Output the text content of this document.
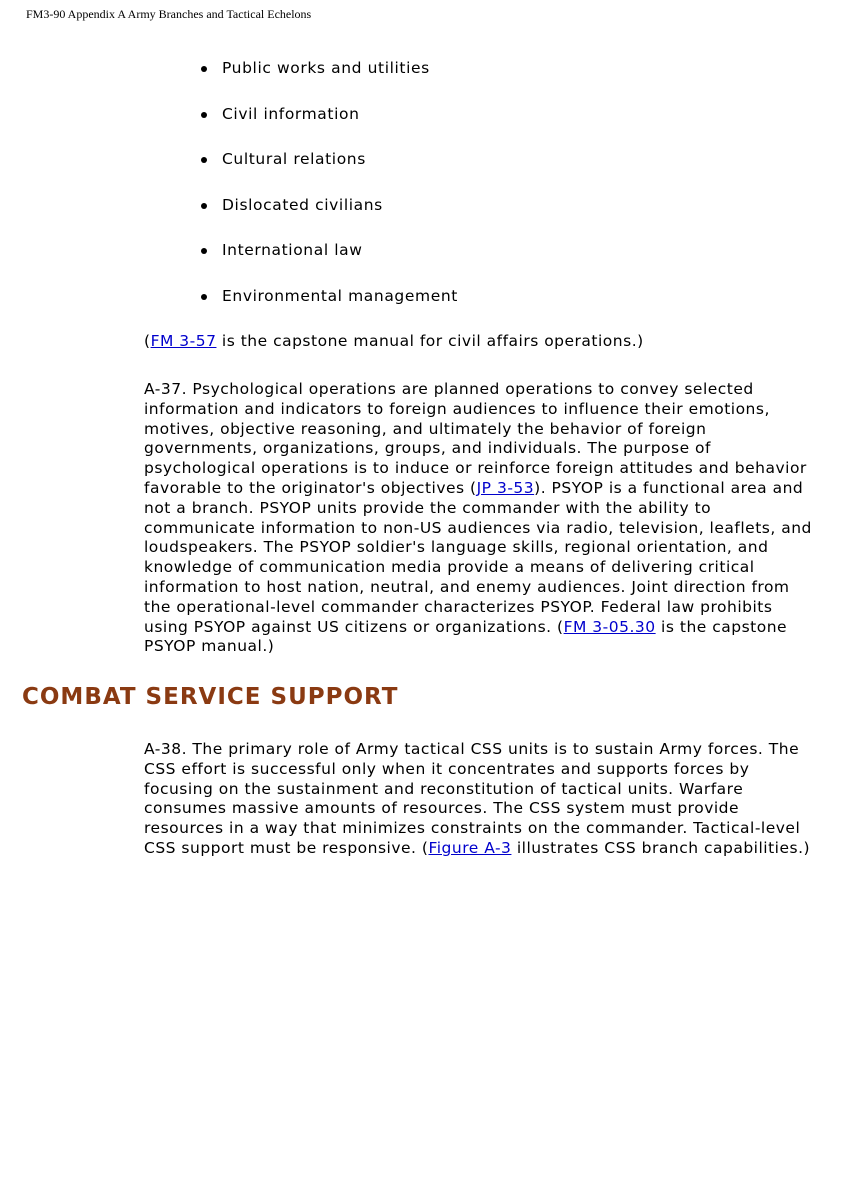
FM3-90 Appendix A Army Branches and Tactical Echelons
Public works and utilities
Civil information
Cultural relations
Dislocated civilians
International law
Environmental management

(FM 3-57 is the capstone manual for civil affairs operations.)

A-37. Psychological operations are planned operations to convey selected information and indicators to foreign audiences to influence their emotions, motives, objective reasoning, and ultimately the behavior of foreign governments, organizations, groups, and individuals. The purpose of psychological operations is to induce or reinforce foreign attitudes and behavior favorable to the originator's objectives (JP 3-53). PSYOP is a functional area and not a branch. PSYOP units provide the commander with the ability to communicate information to non-US audiences via radio, television, leaflets, and loudspeakers. The PSYOP soldier's language skills, regional orientation, and knowledge of communication media provide a means of delivering critical information to host nation, neutral, and enemy audiences. Joint direction from the operational-level commander characterizes PSYOP. Federal law prohibits using PSYOP against US citizens or organizations. (FM 3-05.30 is the capstone PSYOP manual.)

COMBAT SERVICE SUPPORT

A-38. The primary role of Army tactical CSS units is to sustain Army forces. The CSS effort is successful only when it concentrates and supports forces by focusing on the sustainment and reconstitution of tactical units. Warfare consumes massive amounts of resources. The CSS system must provide resources in a way that minimizes constraints on the commander. Tactical-level CSS support must be responsive. (Figure A-3 illustrates CSS branch capabilities.)
